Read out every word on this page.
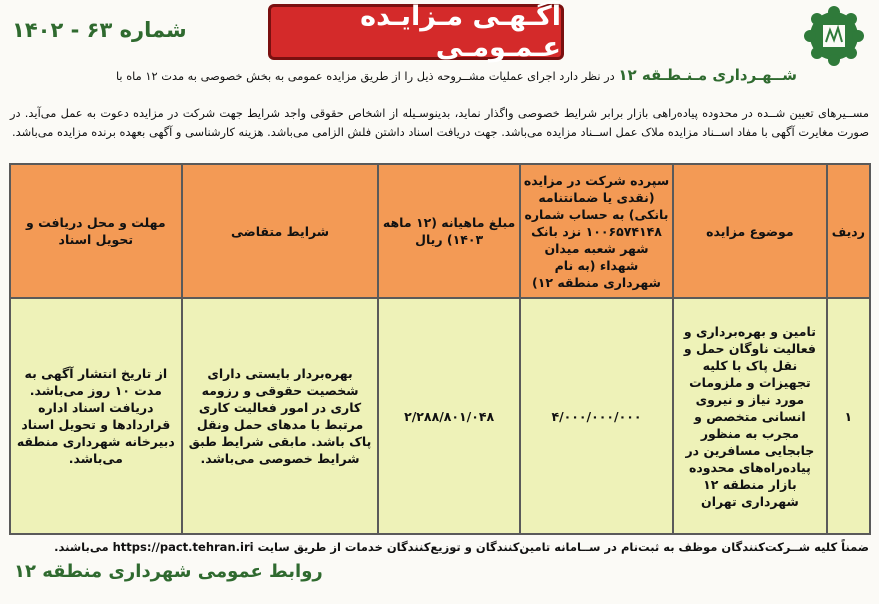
آگـهـی مـزایـده عـمـومـی
شماره ۶۳ - ۱۴۰۲
شــهـرداری مـنـطـقه ۱۲ در نظر دارد اجرای عملیات مشــروحه ذیل را از طریق مزایده عمومی به بخش خصوصی به مدت ۱۲ ماه با
مســیرهای تعیین شــده در محدوده پیاده‌راهی بازار برابر شرایط خصوصی واگذار نماید، بدینوسـیله از اشخاص حقوقی واجد شرایط جهت شرکت در مزایده دعوت به عمل می‌آید. در صورت مغایرت آگهی با مفاد اســناد مزایده ملاک عمل اســناد مزایده می‌باشد. جهت دریافت اسناد داشتن فلش الزامی می‌باشد. هزینه کارشناسی و آگهی بعهده برنده مزایده می‌باشد.
ردیف	موضوع مزایده	سپرده شرکت در مزایده (نقدی یا ضمانتنامه بانکی) به حساب شماره ۱۰۰۶۵۷۴۱۴۸ نزد بانک شهر شعبه میدان شهداء (به نام شهرداری منطقه ۱۲)	مبلغ ماهیانه (۱۲ ماهه ۱۴۰۳) ریال	شرایط متقاضی	مهلت و محل دریافت و تحویل اسناد
۱	تامین و بهره‌برداری و فعالیت ناوگان حمل و نقل پاک با کلیه تجهیزات و ملزومات مورد نیاز و نیروی انسانی متخصص و مجرب به منظور جابجایی مسافرین در پیاده‌راه‌های محدوده بازار منطقه ۱۲ شهرداری تهران	۴/۰۰۰/۰۰۰/۰۰۰	۲/۲۸۸/۸۰۱/۰۴۸	بهره‌بردار بایستی دارای شخصیت حقوقی و رزومه کاری در امور فعالیت کاری مرتبط با مدهای حمل ونقل پاک باشد. مابقی شرایط طبق شرایط خصوصی می‌باشد.	از تاریخ انتشار آگهی به مدت ۱۰ روز می‌باشد. دریافت اسناد اداره قراردادها و تحویل اسناد دبیرخانه شهرداری منطقه می‌باشد.
ضمناً کلیه شــرکت‌کنندگان موظف به ثبت‌نام در ســامانه تامین‌کنندگان و توزیع‌کنندگان خدمات از طریق سایت https://pact.tehran.iri می‌باشند.
روابط عمومی شهرداری منطقه ۱۲
